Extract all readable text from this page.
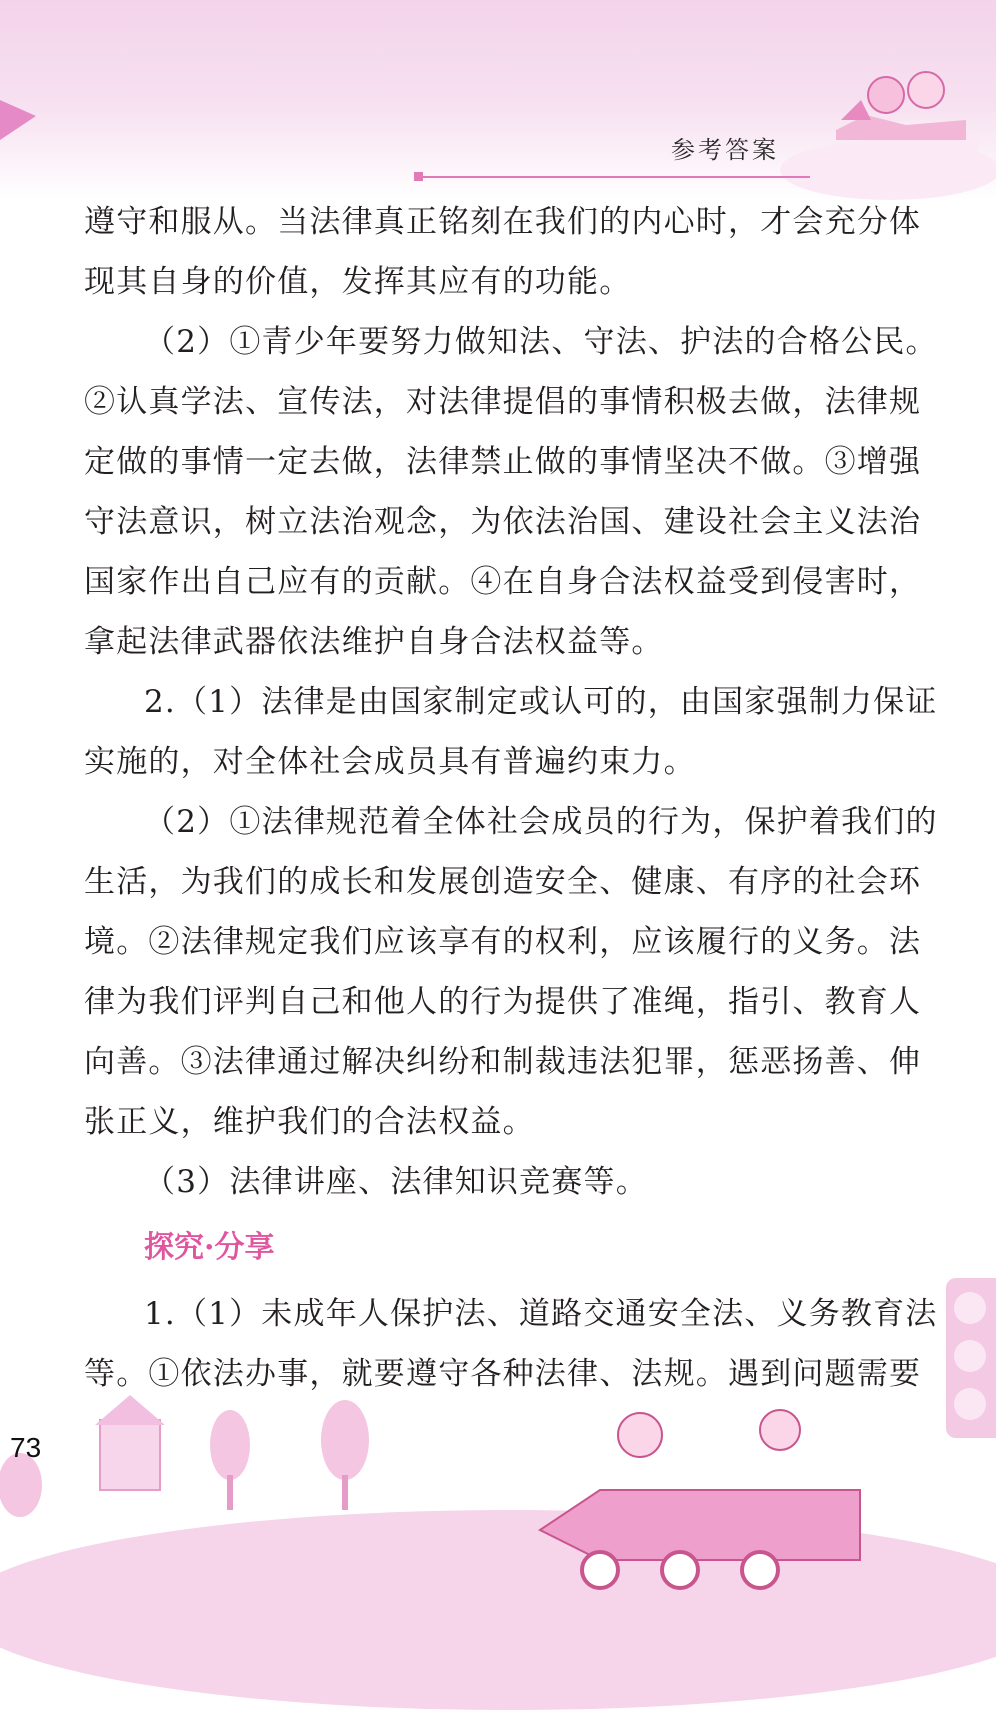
参考答案
遵守和服从。当法律真正铭刻在我们的内心时，才会充分体
现其自身的价值，发挥其应有的功能。
（2）①青少年要努力做知法、守法、护法的合格公民。
②认真学法、宣传法，对法律提倡的事情积极去做，法律规
定做的事情一定去做，法律禁止做的事情坚决不做。③增强
守法意识，树立法治观念，为依法治国、建设社会主义法治
国家作出自己应有的贡献。④在自身合法权益受到侵害时，
拿起法律武器依法维护自身合法权益等。
2.（1）法律是由国家制定或认可的，由国家强制力保证
实施的，对全体社会成员具有普遍约束力。
（2）①法律规范着全体社会成员的行为，保护着我们的
生活，为我们的成长和发展创造安全、健康、有序的社会环
境。②法律规定我们应该享有的权利，应该履行的义务。法
律为我们评判自己和他人的行为提供了准绳，指引、教育人
向善。③法律通过解决纠纷和制裁违法犯罪，惩恶扬善、伸
张正义，维护我们的合法权益。
（3）法律讲座、法律知识竞赛等。
探究·分享
1.（1）未成年人保护法、道路交通安全法、义务教育法
等。①依法办事，就要遵守各种法律、法规。遇到问题需要
73
